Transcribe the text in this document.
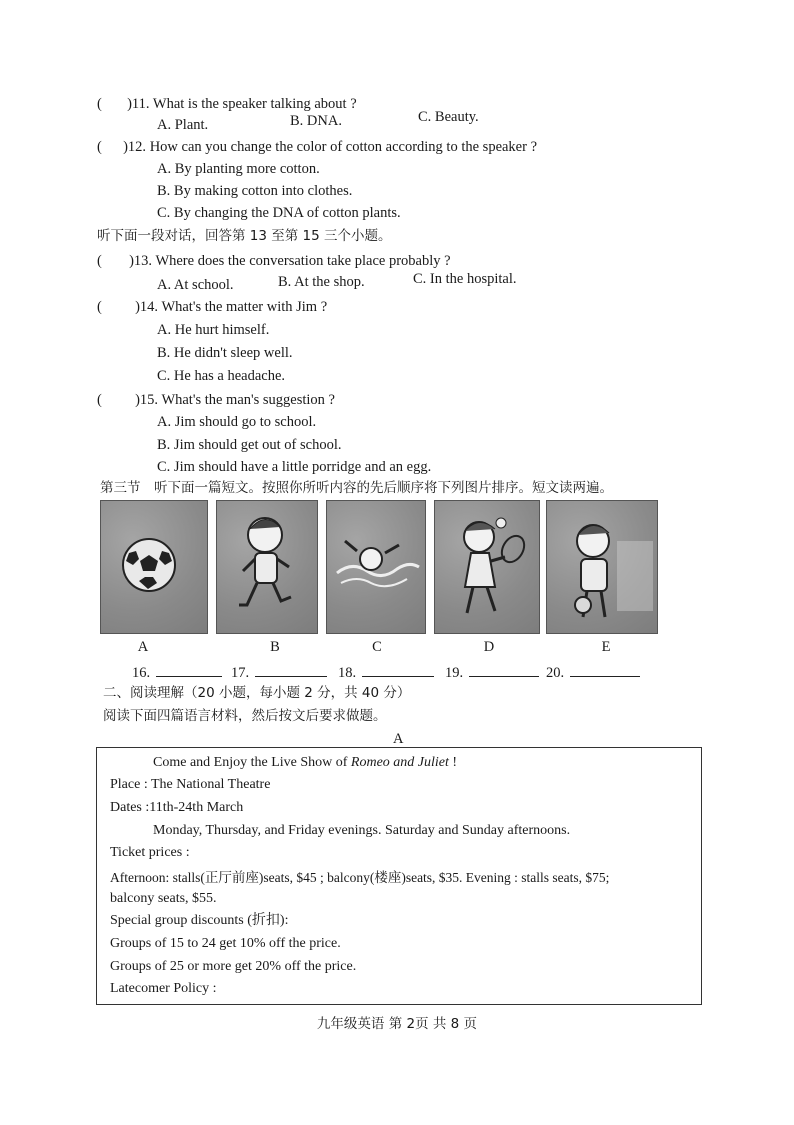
( )11. What is the speaker talking about ?
A. Plant.	B. DNA.	C. Beauty.
( )12. How can you change the color of cotton according to the speaker ?
A. By planting more cotton.
B. By making cotton into clothes.
C. By changing the DNA of cotton plants.
听下面一段对话，回答第 13 至第 15 三个小题。
( )13. Where does the conversation take place probably ?
A. At school.	B. At the shop.	C. In the hospital.
( )14. What's the matter with Jim ?
A. He hurt himself.
B. He didn't sleep well.
C. He has a headache.
( )15. What's the man's suggestion ?
A. Jim should go to school.
B. Jim should get out of school.
C. Jim should have a little porridge and an egg.
第三节　听下面一篇短文。按照你所听内容的先后顺序将下列图片排序。短文读两遍。
A	B	C	D	E
16.	17.	18.	19.	20.
二、阅读理解（20 小题，每小题 2 分，共 40 分）
阅读下面四篇语言材料，然后按文后要求做题。
A
Come and Enjoy the Live Show of Romeo and Juliet !
Place : The National Theatre
Dates :11th-24th March
Monday, Thursday, and Friday evenings. Saturday and Sunday afternoons.
Ticket prices :
Afternoon: stalls(正厅前座)seats, $45 ; balcony(楼座)seats, $35. Evening : stalls seats, $75;
balcony seats, $55.
Special group discounts (折扣):
Groups of 15 to 24 get 10% off the price.
Groups of 25 or more get 20% off the price.
Latecomer Policy :
九年级英语 第 2页 共 8 页
